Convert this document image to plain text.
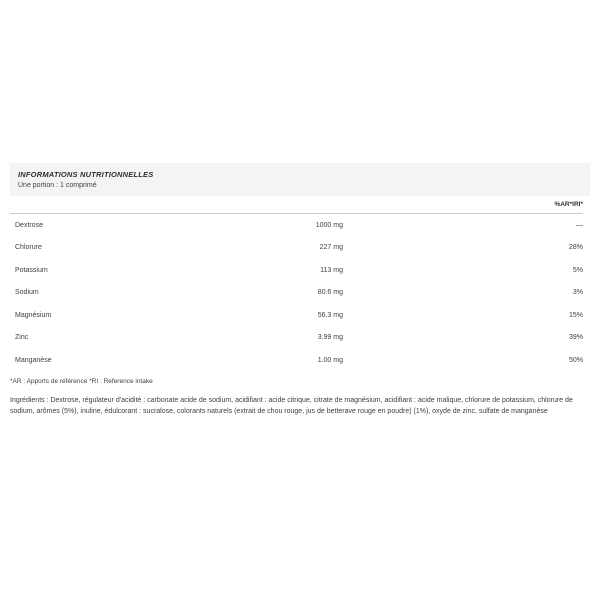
INFORMATIONS NUTRITIONNELLES
Une portion : 1 comprimé
%AR*IRI*
Dextrose	1000 mg	—
Chlorure	227 mg	28%
Potassium	113 mg	5%
Sodium	80.6 mg	3%
Magnésium	56.3 mg	15%
Zinc	3.99 mg	39%
Manganèse	1.00 mg	50%
*AR : Apports de référence *RI : Reference intake
Ingrédients : Dextrose, régulateur d'acidité : carbonate acide de sodium, acidifiant : acide citrique, citrate de magnésium, acidifiant : acide malique, chlorure de potassium, chlorure de sodium, arômes (5%), inuline, édulcorant : sucralose, colorants naturels (extrait de chou rouge, jus de betterave rouge en poudre) (1%), oxyde de zinc, sulfate de manganèse
